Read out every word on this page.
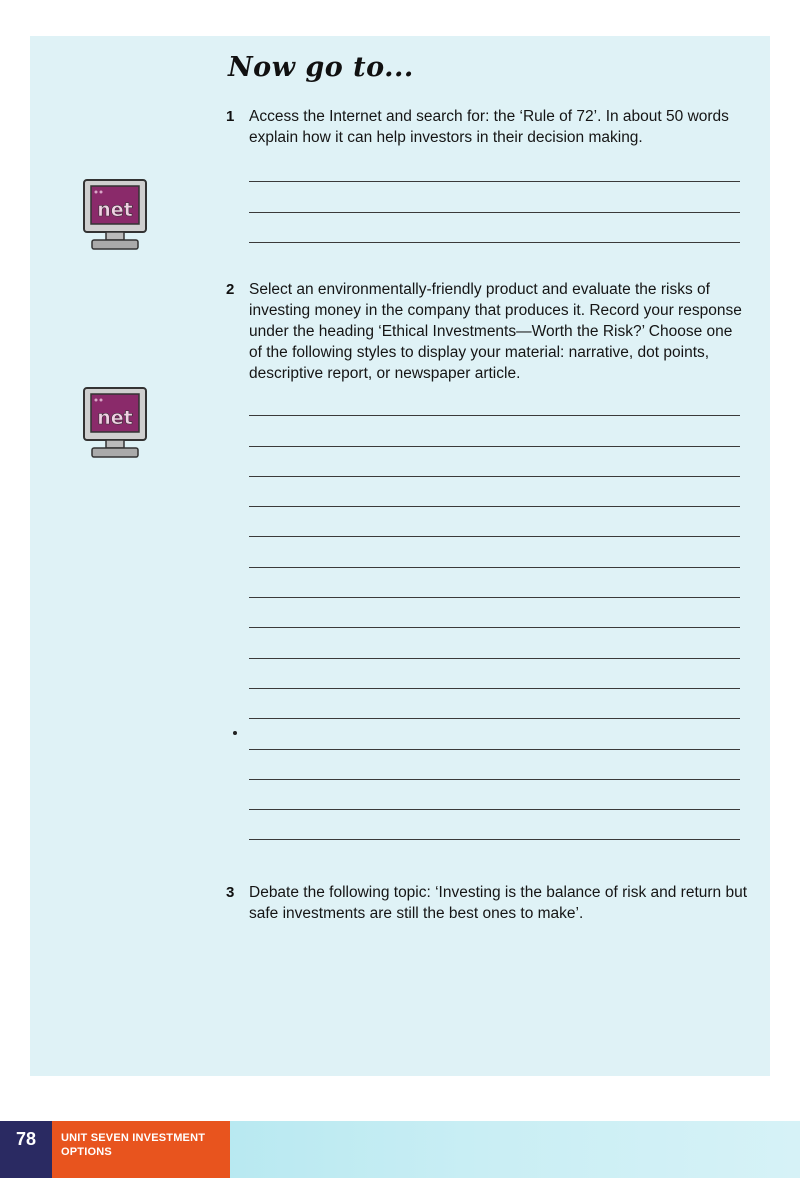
Now go to...
1 Access the Internet and search for: the ‘Rule of 72’. In about 50 words explain how it can help investors in their decision making.
net
2 Select an environmentally-friendly product and evaluate the risks of investing money in the company that produces it. Record your response under the heading ‘Ethical Investments—Worth the Risk?’ Choose one of the following styles to display your material: narrative, dot points, descriptive report, or newspaper article.
net
3 Debate the following topic: ‘Investing is the balance of risk and return but safe investments are still the best ones to make’.
78	UNIT SEVEN INVESTMENT OPTIONS
